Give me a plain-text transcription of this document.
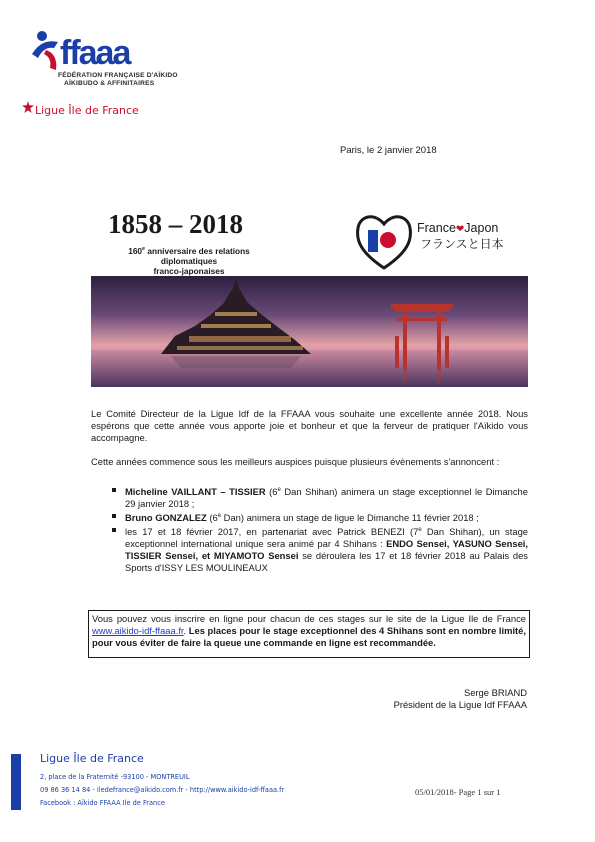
ffaaa
FÉDÉRATION FRANÇAISE D'AÏKIDO
AÏKIBUDO & AFFINITAIRES
Ligue Île de France
Paris, le 2 janvier 2018
1858 – 2018
160e anniversaire des relations diplomatiques
franco-japonaises
France❤Japon
フランスと日本
Le Comité Directeur de la Ligue Idf de la FFAAA vous souhaite une excellente année 2018. Nous espérons que cette année vous apporte joie et bonheur et que la ferveur de pratiquer l'Aïkido vous accompagne.
Cette années commence sous les meilleurs auspices puisque plusieurs évènements s'annoncent :
Micheline VAILLANT – TISSIER (6e Dan Shihan) animera un stage exceptionnel le Dimanche 29 janvier 2018 ;
Bruno GONZALEZ (6e Dan) animera un stage de ligue le Dimanche 11 février 2018 ;
les 17 et 18 février 2017, en partenariat avec Patrick BENEZI (7e Dan Shihan), un stage exceptionnel international unique sera animé par 4 Shihans : ENDO Sensei, YASUNO Sensei, TISSIER Sensei, et MIYAMOTO Sensei se déroulera les 17 et 18 février 2018 au Palais des Sports d'ISSY LES MOULINEAUX
Vous pouvez vous inscrire en ligne pour chacun de ces stages sur le site de la Ligue Ile de France www.aikido-idf-ffaaa.fr. Les places pour le stage exceptionnel des 4 Shihans sont en nombre limité, pour vous éviter de faire la queue une commande en ligne est recommandée.
Serge BRIAND
Président de la Ligue Idf FFAAA
Ligue Île de France
2, place de la Fraternité -93100 - MONTREUIL
09 86 36 14 84 - iledefrance@aikido.com.fr - http://www.aikido-idf-ffaaa.fr
Facebook : Aïkido FFAAA Ile de France
05/01/2018- Page 1 sur 1
